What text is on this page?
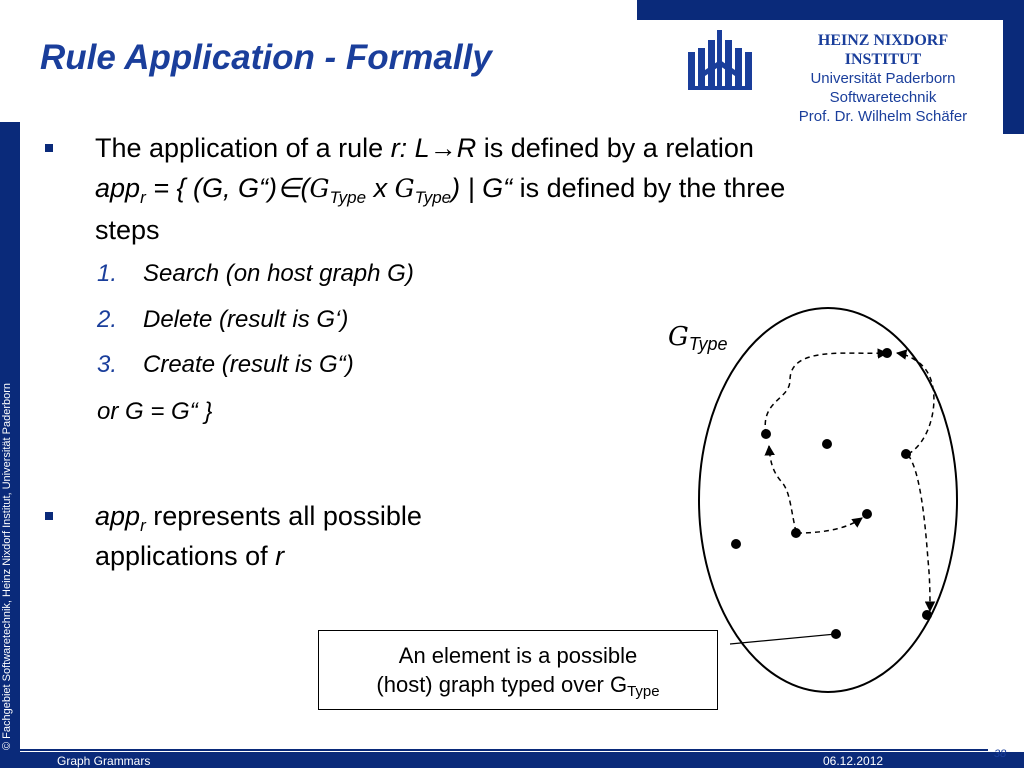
Rule Application - Formally	HEINZ NIXDORF INSTITUT
Universität Paderborn
Softwaretechnik
Prof. Dr. Wilhelm Schäfer
The application of a rule r: L→R is defined by a relation
app$_r$ = { (G, $G“)\in(G_{Type}$ x $G_{Type}$) | G“ is defined by the three
steps
1. Search (on host graph G)
2. Delete (result is G‘)
3. Create (result is G“)
or G = G“ }
app$_r$ represents all possible
applications of r
$G_{Type}$
An element is a possible
(host) graph typed over GType
© Fachgebiet Softwaretechnik, Heinz Nixdorf Institut, Universität Paderborn
Graph Grammars	06.12.2012	38
